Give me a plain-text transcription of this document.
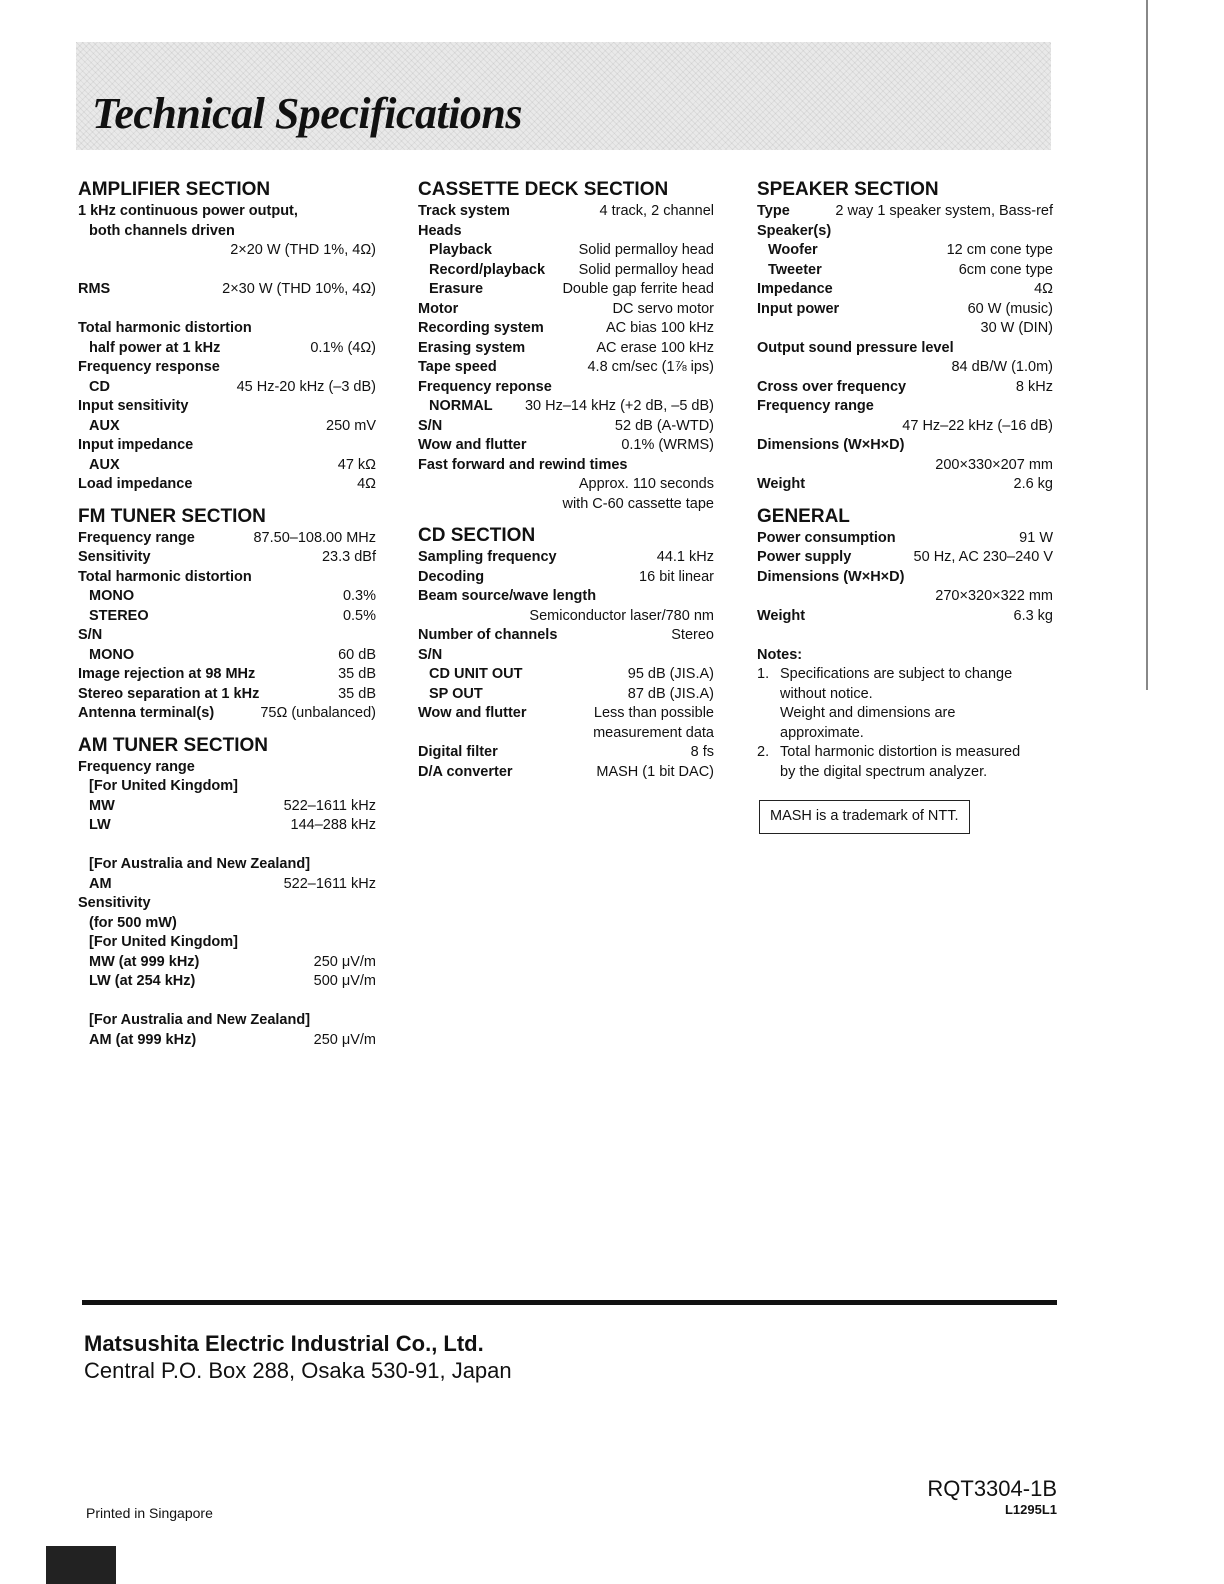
Technical Specifications
AMPLIFIER SECTION
1 kHz continuous power output,
both channels driven
2×20 W (THD 1%, 4Ω)
RMS	2×30 W (THD 10%, 4Ω)
Total harmonic distortion
half power at 1 kHz	0.1% (4Ω)
Frequency response
CD	45 Hz-20 kHz (–3 dB)
Input sensitivity
AUX	250 mV
Input impedance
AUX	47 kΩ
Load impedance	4Ω
FM TUNER SECTION
Frequency range	87.50–108.00 MHz
Sensitivity	23.3 dBf
Total harmonic distortion
MONO	0.3%
STEREO	0.5%
S/N
MONO	60 dB
Image rejection at 98 MHz	35 dB
Stereo separation at 1 kHz	35 dB
Antenna terminal(s)	75Ω (unbalanced)
AM TUNER SECTION
Frequency range
[For United Kingdom]
MW	522–1611 kHz
LW	144–288 kHz
[For Australia and New Zealand]
AM	522–1611 kHz
Sensitivity
(for 500 mW)
[For United Kingdom]
MW (at 999 kHz)	250 μV/m
LW (at 254 kHz)	500 μV/m
[For Australia and New Zealand]
AM (at 999 kHz)	250 μV/m
CASSETTE DECK SECTION
Track system	4 track, 2 channel
Heads
Playback	Solid permalloy head
Record/playback Solid permalloy head
Erasure	Double gap ferrite head
Motor	DC servo motor
Recording system	AC bias 100 kHz
Erasing system	AC erase 100 kHz
Tape speed	4.8 cm/sec (1⅞ ips)
Frequency reponse
NORMAL 30 Hz–14 kHz (+2 dB, –5 dB)
S/N	52 dB (A-WTD)
Wow and flutter	0.1% (WRMS)
Fast forward and rewind times
Approx. 110 seconds
with C-60 cassette tape
CD SECTION
Sampling frequency	44.1 kHz
Decoding	16 bit linear
Beam source/wave length
Semiconductor laser/780 nm
Number of channels	Stereo
S/N
CD UNIT OUT	95 dB (JIS.A)
SP OUT	87 dB (JIS.A)
Wow and flutter	Less than possible
measurement data
Digital filter	8 fs
D/A converter	MASH (1 bit DAC)
SPEAKER SECTION
Type	2 way 1 speaker system, Bass-ref
Speaker(s)
Woofer	12 cm cone type
Tweeter	6cm cone type
Impedance	4Ω
Input power	60 W (music)
30 W (DIN)
Output sound pressure level
84 dB/W (1.0m)
Cross over frequency	8 kHz
Frequency range
47 Hz–22 kHz (–16 dB)
Dimensions (W×H×D)
200×330×207 mm
Weight	2.6 kg
GENERAL
Power consumption	91 W
Power supply	50 Hz, AC 230–240 V
Dimensions (W×H×D)
270×320×322 mm
Weight	6.3 kg
Notes:
1. Specifications are subject to change
without notice.
Weight and dimensions are
approximate.
2. Total harmonic distortion is measured
by the digital spectrum analyzer.
MASH is a trademark of NTT.
Matsushita Electric Industrial Co., Ltd.
Central P.O. Box 288, Osaka 530-91, Japan
Printed in Singapore
RQT3304-1B
L1295L1
